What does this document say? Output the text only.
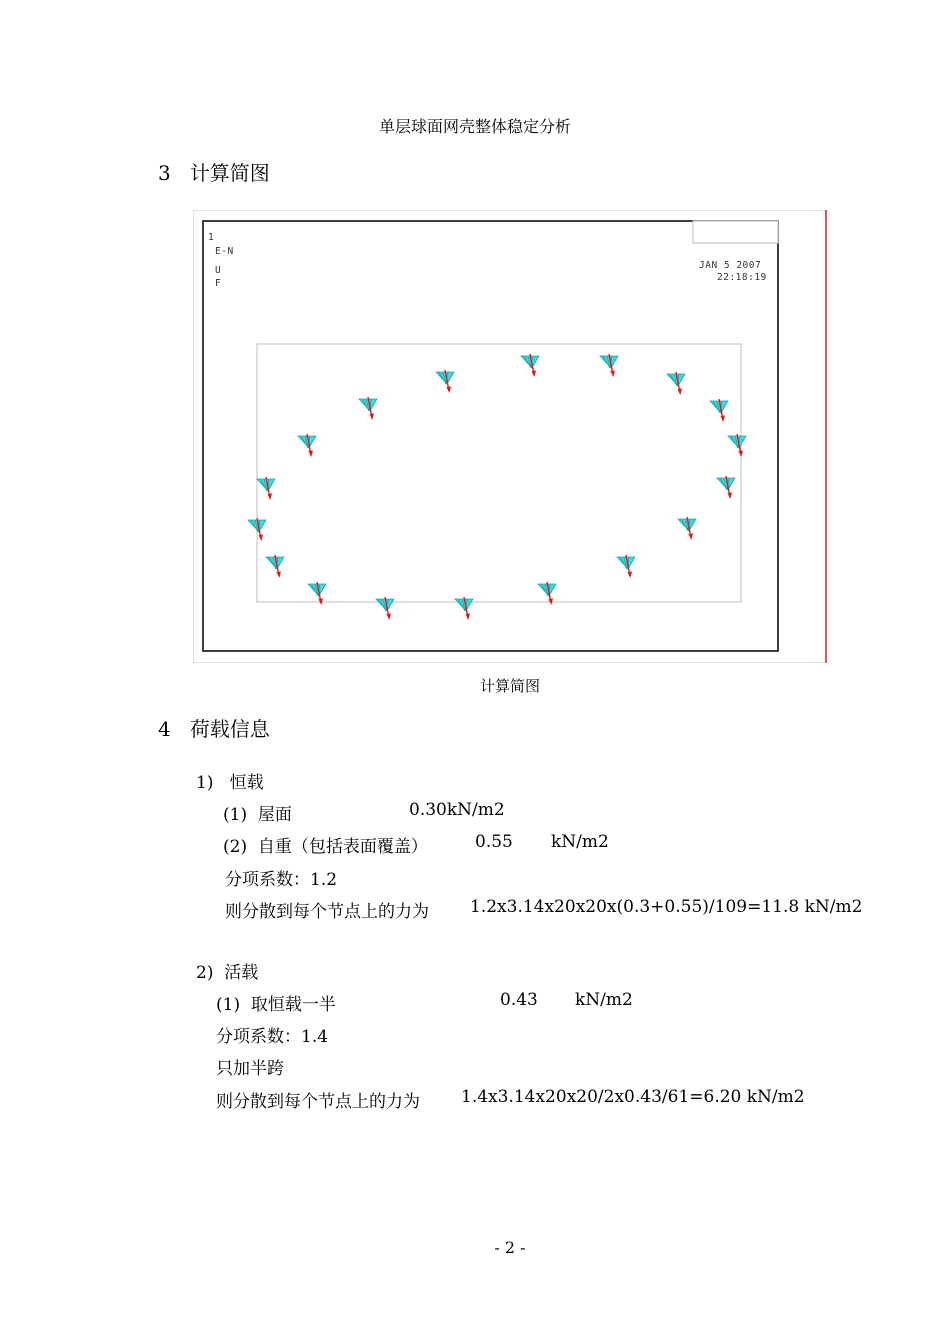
单层球面网壳整体稳定分析
3 计算简图
1
E-N
U
F
JAN 5 2007
22:18:19
计算简图
4 荷载信息
1) 恒载
(1) 屋面	0.30kN/m2
(2) 自重（包括表面覆盖）	0.55 kN/m2
分项系数：1.2
则分散到每个节点上的力为 1.2x3.14x20x20x(0.3+0.55)/109=11.8 kN/m2
2) 活载
(1) 取恒载一半	0.43 kN/m2
分项系数：1.4
只加半跨
则分散到每个节点上的力为 1.4x3.14x20x20/2x0.43/61=6.20 kN/m2
- 2 -
